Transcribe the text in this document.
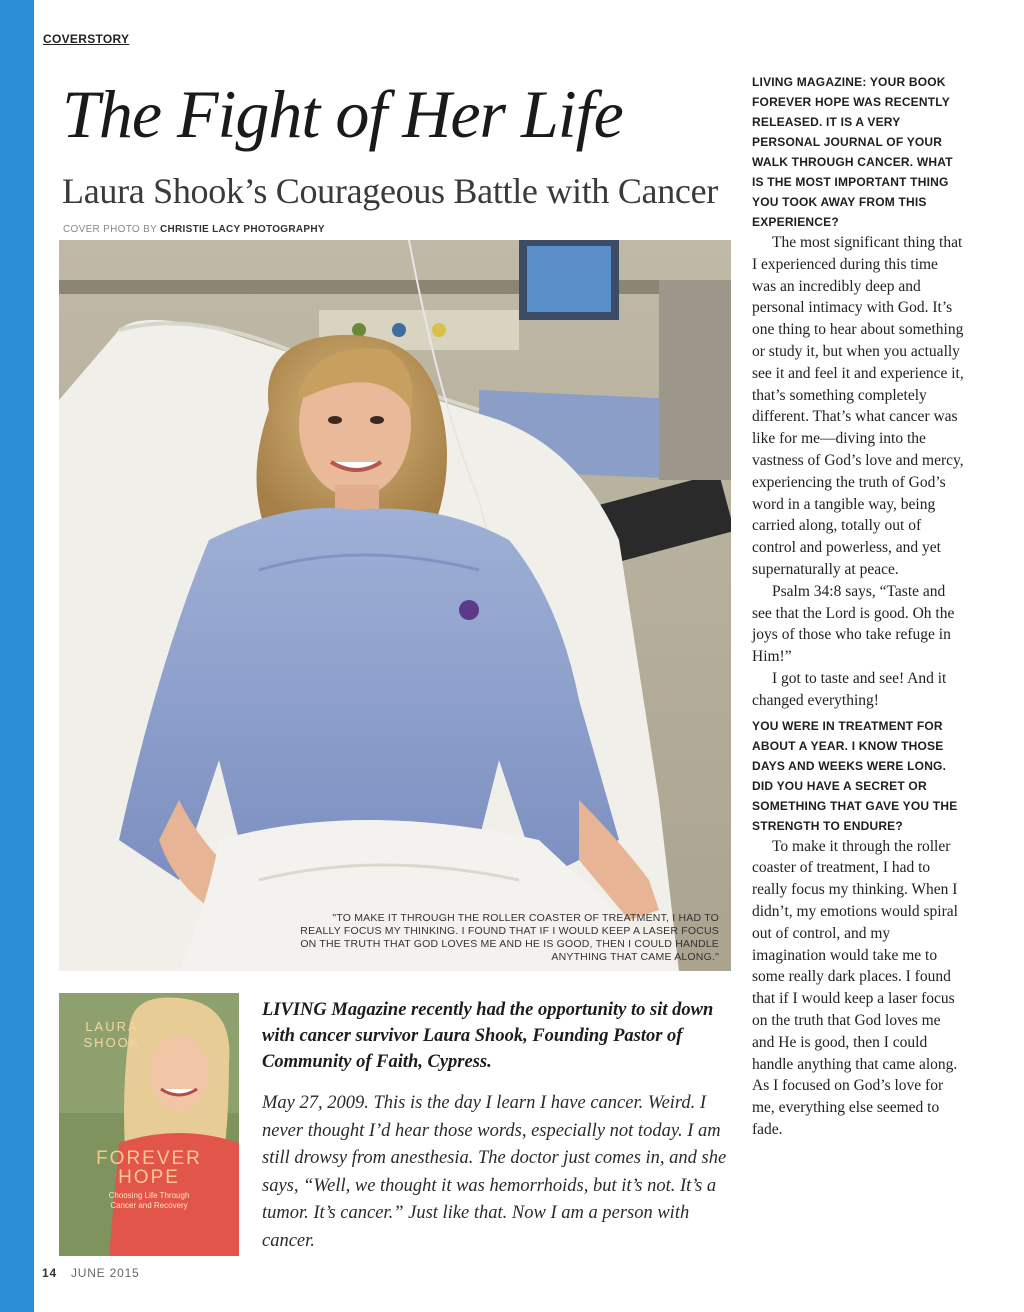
COVERSTORY
The Fight of Her Life
Laura Shook’s Courageous Battle with Cancer
COVER PHOTO BY CHRISTIE LACY PHOTOGRAPHY
"TO MAKE IT THROUGH THE ROLLER COASTER OF TREATMENT, I HAD TO REALLY FOCUS MY THINKING. I FOUND THAT IF I WOULD KEEP A LASER FOCUS ON THE TRUTH THAT GOD LOVES ME AND HE IS GOOD, THEN I COULD HANDLE ANYTHING THAT CAME ALONG."
LAURA
SHOOK
FOREVER
HOPE
Choosing Life Through Cancer and Recovery
LIVING Magazine recently had the opportunity to sit down with cancer survivor Laura Shook, Founding Pastor of Community of Faith, Cypress.
May 27, 2009. This is the day I learn I have cancer. Weird. I never thought I’d hear those words, especially not today. I am still drowsy from anesthesia. The doctor just comes in, and she says, “Well, we thought it was hemorrhoids, but it’s not. It’s a tumor. It’s cancer.” Just like that. Now I am a person with cancer.
14 JUNE 2015
LIVING MAGAZINE: YOUR BOOK FOREVER HOPE WAS RECENTLY RELEASED. IT IS A VERY PERSONAL JOURNAL OF YOUR WALK THROUGH CANCER. WHAT IS THE MOST IMPORTANT THING YOU TOOK AWAY FROM THIS EXPERIENCE?

The most significant thing that I experienced during this time was an incredibly deep and personal intimacy with God. It’s one thing to hear about something or study it, but when you actually see it and feel it and experience it, that’s something completely different. That’s what cancer was like for me—diving into the vastness of God’s love and mercy, experiencing the truth of God’s word in a tangible way, being carried along, totally out of control and powerless, and yet supernaturally at peace.

Psalm 34:8 says, “Taste and see that the Lord is good. Oh the joys of those who take refuge in Him!”

I got to taste and see! And it changed everything!

YOU WERE IN TREATMENT FOR ABOUT A YEAR. I KNOW THOSE DAYS AND WEEKS WERE LONG. DID YOU HAVE A SECRET OR SOMETHING THAT GAVE YOU THE STRENGTH TO ENDURE?

To make it through the roller coaster of treatment, I had to really focus my thinking. When I didn’t, my emotions would spiral out of control, and my imagination would take me to some really dark places. I found that if I would keep a laser focus on the truth that God loves me and He is good, then I could handle anything that came along. As I focused on God’s love for me, everything else seemed to fade.
